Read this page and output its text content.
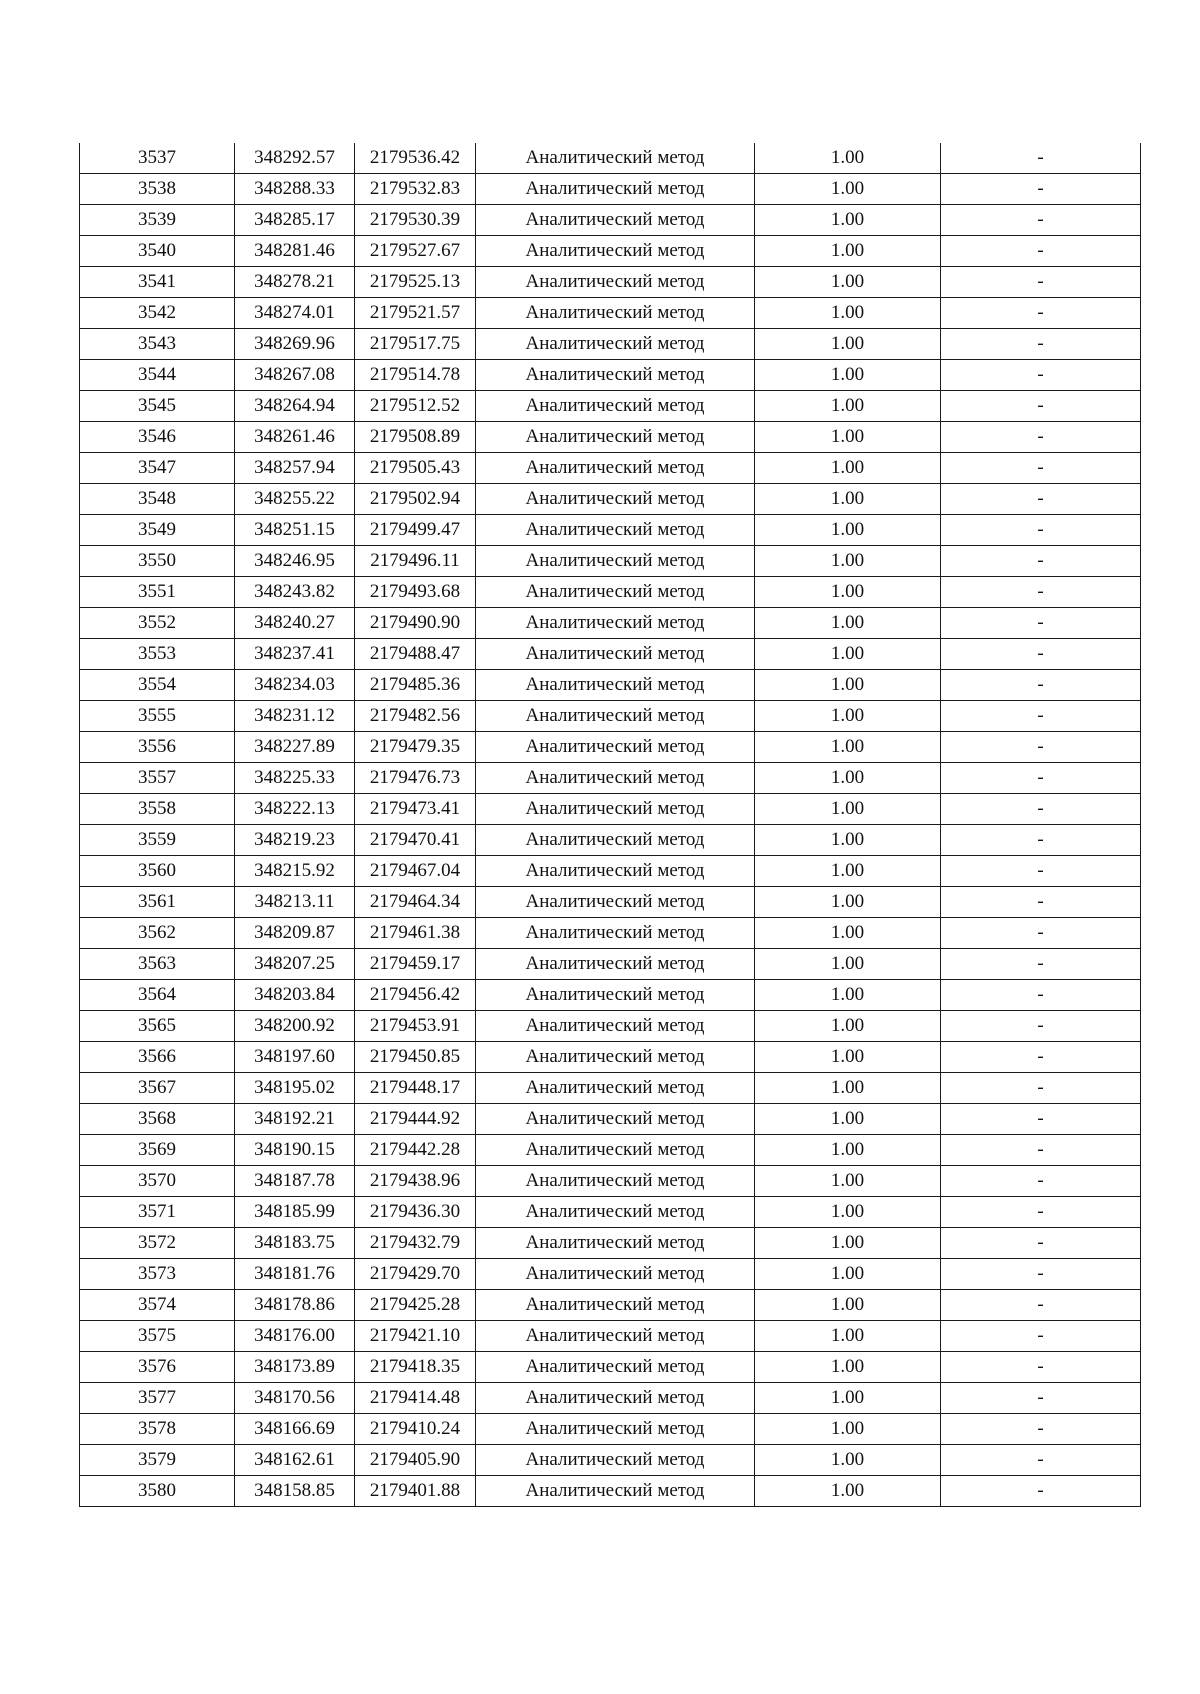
3537	348292.57	2179536.42	Аналитический метод	1.00	-
3538	348288.33	2179532.83	Аналитический метод	1.00	-
3539	348285.17	2179530.39	Аналитический метод	1.00	-
3540	348281.46	2179527.67	Аналитический метод	1.00	-
3541	348278.21	2179525.13	Аналитический метод	1.00	-
3542	348274.01	2179521.57	Аналитический метод	1.00	-
3543	348269.96	2179517.75	Аналитический метод	1.00	-
3544	348267.08	2179514.78	Аналитический метод	1.00	-
3545	348264.94	2179512.52	Аналитический метод	1.00	-
3546	348261.46	2179508.89	Аналитический метод	1.00	-
3547	348257.94	2179505.43	Аналитический метод	1.00	-
3548	348255.22	2179502.94	Аналитический метод	1.00	-
3549	348251.15	2179499.47	Аналитический метод	1.00	-
3550	348246.95	2179496.11	Аналитический метод	1.00	-
3551	348243.82	2179493.68	Аналитический метод	1.00	-
3552	348240.27	2179490.90	Аналитический метод	1.00	-
3553	348237.41	2179488.47	Аналитический метод	1.00	-
3554	348234.03	2179485.36	Аналитический метод	1.00	-
3555	348231.12	2179482.56	Аналитический метод	1.00	-
3556	348227.89	2179479.35	Аналитический метод	1.00	-
3557	348225.33	2179476.73	Аналитический метод	1.00	-
3558	348222.13	2179473.41	Аналитический метод	1.00	-
3559	348219.23	2179470.41	Аналитический метод	1.00	-
3560	348215.92	2179467.04	Аналитический метод	1.00	-
3561	348213.11	2179464.34	Аналитический метод	1.00	-
3562	348209.87	2179461.38	Аналитический метод	1.00	-
3563	348207.25	2179459.17	Аналитический метод	1.00	-
3564	348203.84	2179456.42	Аналитический метод	1.00	-
3565	348200.92	2179453.91	Аналитический метод	1.00	-
3566	348197.60	2179450.85	Аналитический метод	1.00	-
3567	348195.02	2179448.17	Аналитический метод	1.00	-
3568	348192.21	2179444.92	Аналитический метод	1.00	-
3569	348190.15	2179442.28	Аналитический метод	1.00	-
3570	348187.78	2179438.96	Аналитический метод	1.00	-
3571	348185.99	2179436.30	Аналитический метод	1.00	-
3572	348183.75	2179432.79	Аналитический метод	1.00	-
3573	348181.76	2179429.70	Аналитический метод	1.00	-
3574	348178.86	2179425.28	Аналитический метод	1.00	-
3575	348176.00	2179421.10	Аналитический метод	1.00	-
3576	348173.89	2179418.35	Аналитический метод	1.00	-
3577	348170.56	2179414.48	Аналитический метод	1.00	-
3578	348166.69	2179410.24	Аналитический метод	1.00	-
3579	348162.61	2179405.90	Аналитический метод	1.00	-
3580	348158.85	2179401.88	Аналитический метод	1.00	-
